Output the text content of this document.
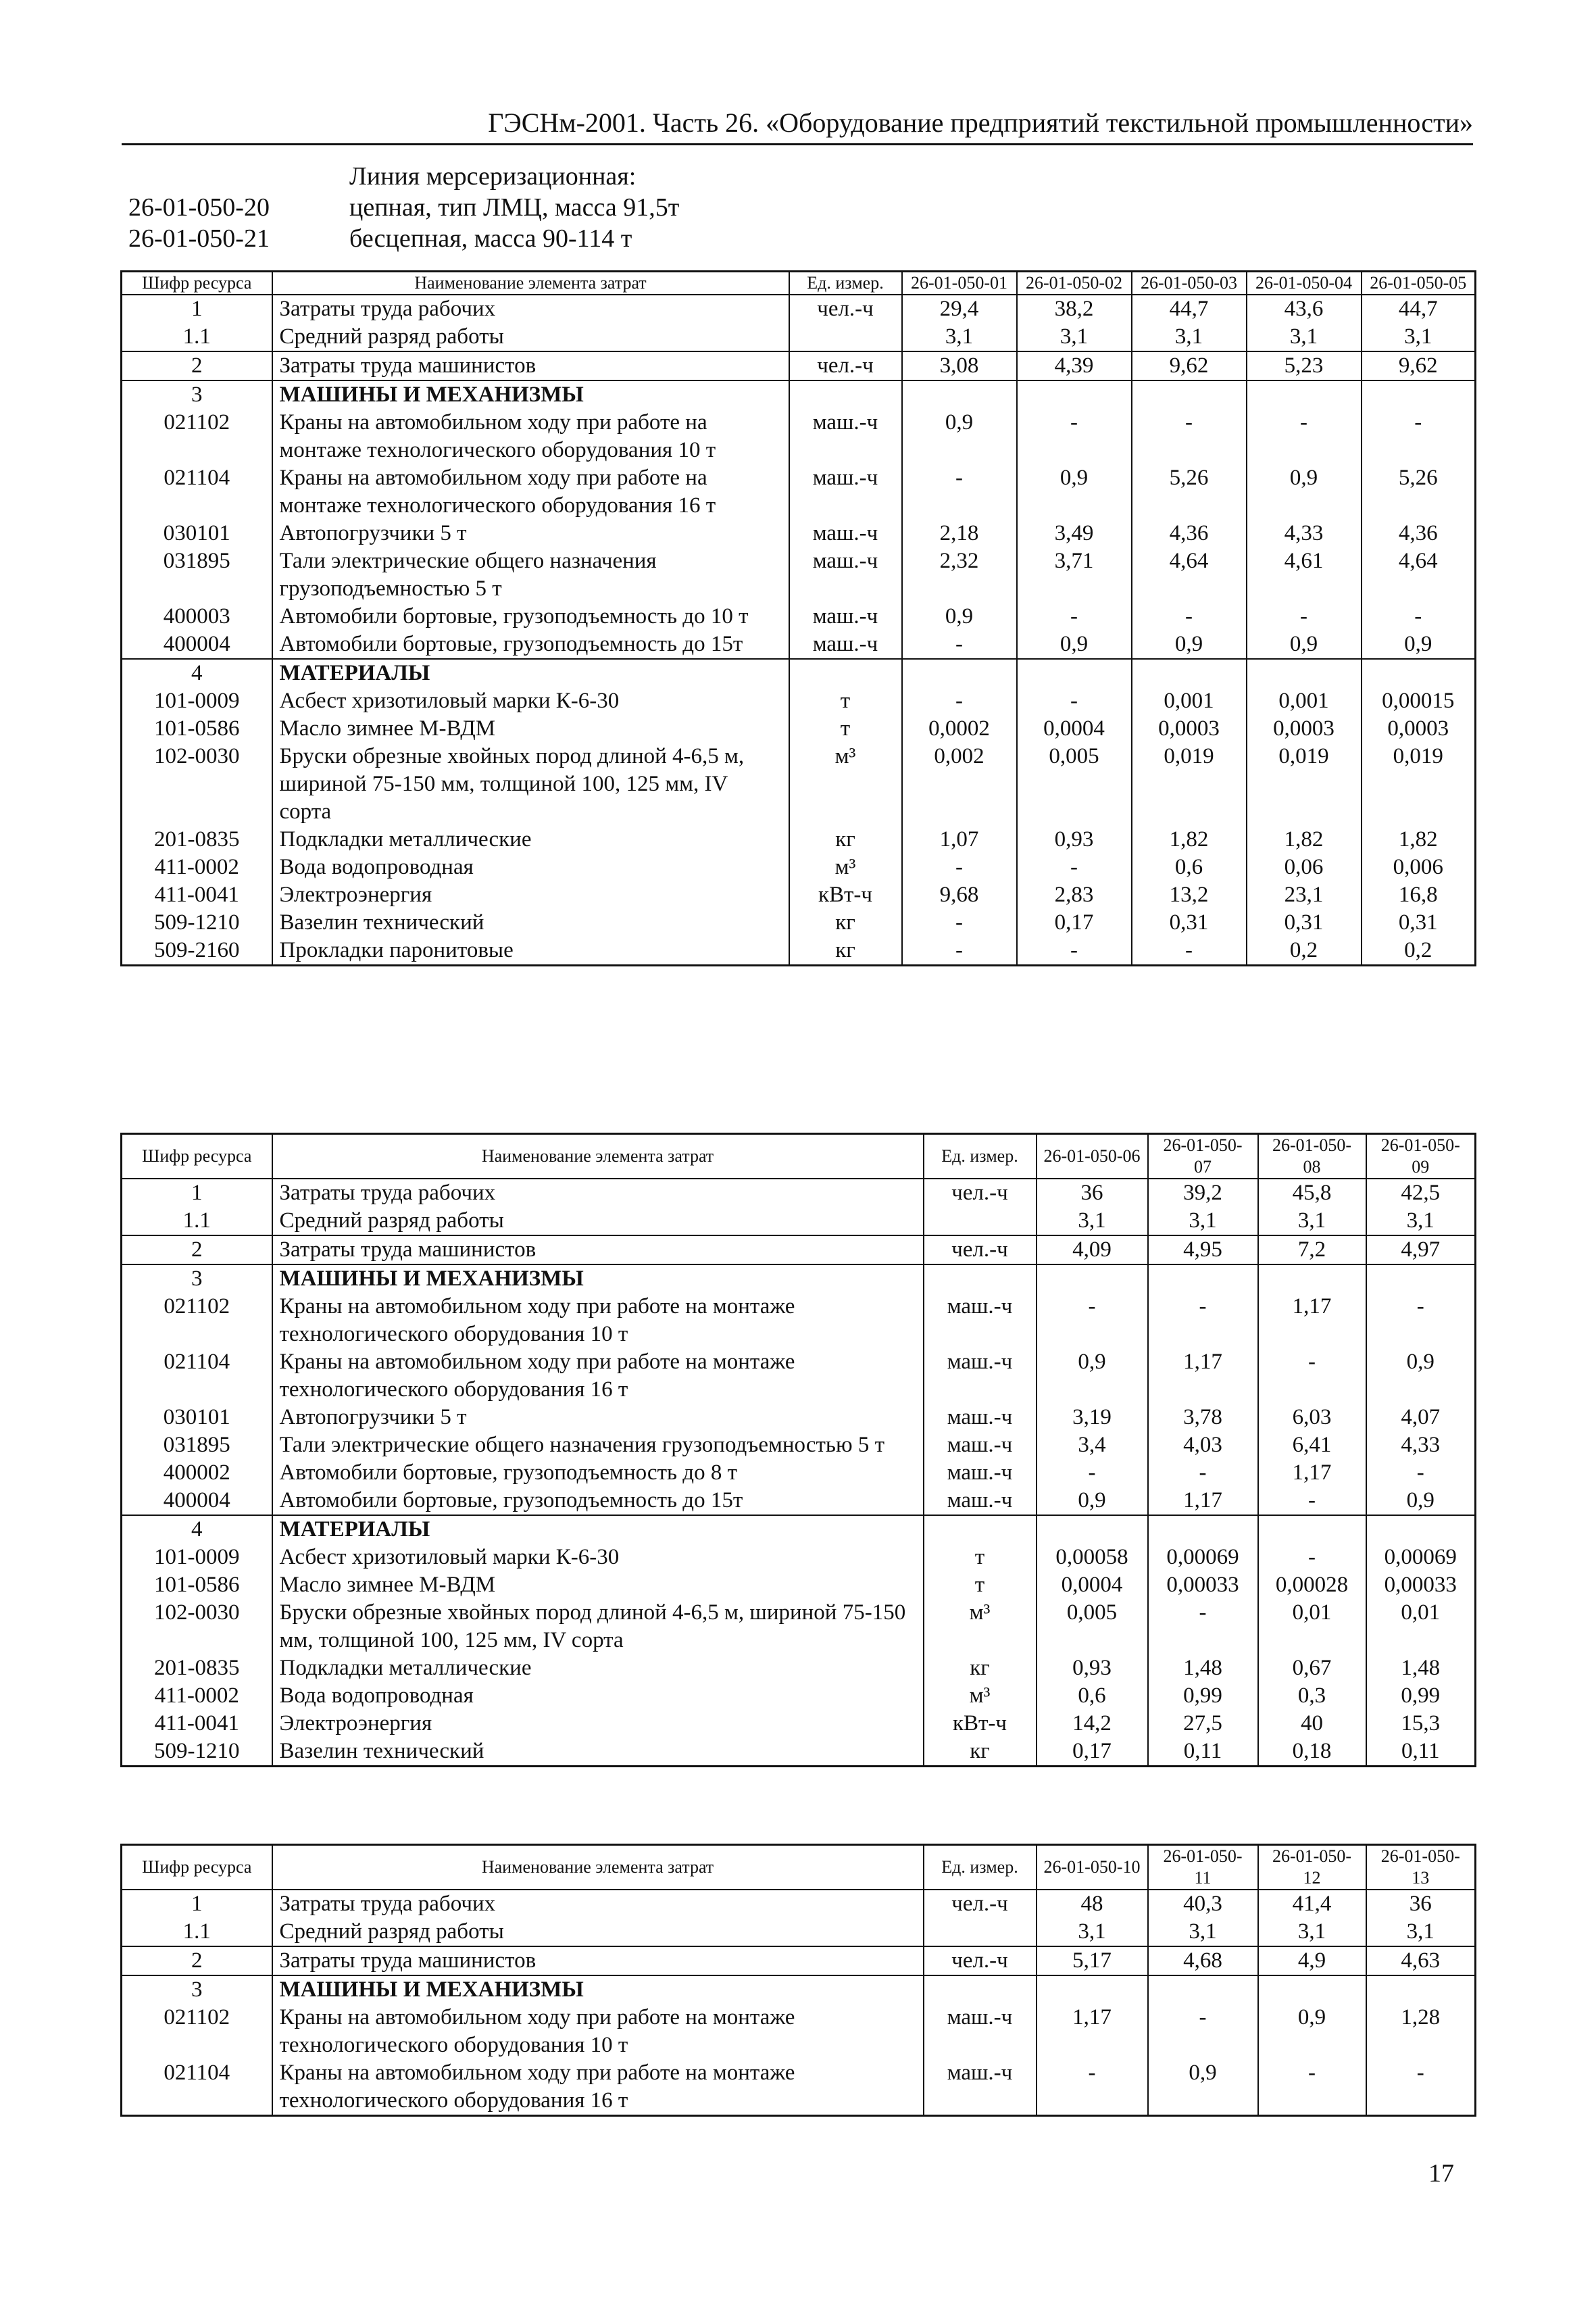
ГЭСНм-2001. Часть 26. «Оборудование предприятий текстильной промышленности»
Линия мерсеризационная:
26-01-050-20	цепная, тип ЛМЦ, масса 91,5т
26-01-050-21	бесцепная, масса 90-114 т
Шифр ресурса	Наименование элемента затрат	Ед. измер.	26-01-050-01	26-01-050-02	26-01-050-03	26-01-050-04	26-01-050-05
1	Затраты труда рабочих	чел.-ч	29,4	38,2	44,7	43,6	44,7
1.1	Средний разряд работы		3,1	3,1	3,1	3,1	3,1
2	Затраты труда машинистов	чел.-ч	3,08	4,39	9,62	5,23	9,62
3	МАШИНЫ И МЕХАНИЗМЫ						
021102	Краны на автомобильном ходу при работе на монтаже технологического оборудования 10 т	маш.-ч	0,9	-	-	-	-
021104	Краны на автомобильном ходу при работе на монтаже технологического оборудования 16 т	маш.-ч	-	0,9	5,26	0,9	5,26
030101	Автопогрузчики 5 т	маш.-ч	2,18	3,49	4,36	4,33	4,36
031895	Тали электрические общего назначения грузоподъемностью 5 т	маш.-ч	2,32	3,71	4,64	4,61	4,64
400003	Автомобили бортовые, грузоподъемность до 10 т	маш.-ч	0,9	-	-	-	-
400004	Автомобили бортовые, грузоподъемность до 15т	маш.-ч	-	0,9	0,9	0,9	0,9
4	МАТЕРИАЛЫ						
101-0009	Асбест хризотиловый марки К-6-30	т	-	-	0,001	0,001	0,00015
101-0586	Масло зимнее М-ВДМ	т	0,0002	0,0004	0,0003	0,0003	0,0003
102-0030	Бруски обрезные хвойных пород длиной 4-6,5 м, шириной 75-150 мм, толщиной 100, 125 мм, IV сорта	м³	0,002	0,005	0,019	0,019	0,019
201-0835	Подкладки металлические	кг	1,07	0,93	1,82	1,82	1,82
411-0002	Вода водопроводная	м³	-	-	0,6	0,06	0,006
411-0041	Электроэнергия	кВт-ч	9,68	2,83	13,2	23,1	16,8
509-1210	Вазелин технический	кг	-	0,17	0,31	0,31	0,31
509-2160	Прокладки паронитовые	кг	-	-	-	0,2	0,2
Шифр ресурса	Наименование элемента затрат	Ед. измер.	26-01-050-06	26-01-050-07	26-01-050-08	26-01-050-09
1	Затраты труда рабочих	чел.-ч	36	39,2	45,8	42,5
1.1	Средний разряд работы		3,1	3,1	3,1	3,1
2	Затраты труда машинистов	чел.-ч	4,09	4,95	7,2	4,97
3	МАШИНЫ И МЕХАНИЗМЫ					
021102	Краны на автомобильном ходу при работе на монтаже технологического оборудования 10 т	маш.-ч	-	-	1,17	-
021104	Краны на автомобильном ходу при работе на монтаже технологического оборудования 16 т	маш.-ч	0,9	1,17	-	0,9
030101	Автопогрузчики 5 т	маш.-ч	3,19	3,78	6,03	4,07
031895	Тали электрические общего назначения грузоподъемностью 5 т	маш.-ч	3,4	4,03	6,41	4,33
400002	Автомобили бортовые, грузоподъемность до 8 т	маш.-ч	-	-	1,17	-
400004	Автомобили бортовые, грузоподъемность до 15т	маш.-ч	0,9	1,17	-	0,9
4	МАТЕРИАЛЫ					
101-0009	Асбест хризотиловый марки К-6-30	т	0,00058	0,00069	-	0,00069
101-0586	Масло зимнее М-ВДМ	т	0,0004	0,00033	0,00028	0,00033
102-0030	Бруски обрезные хвойных пород длиной 4-6,5 м, шириной 75-150 мм, толщиной 100, 125 мм, IV сорта	м³	0,005	-	0,01	0,01
201-0835	Подкладки металлические	кг	0,93	1,48	0,67	1,48
411-0002	Вода водопроводная	м³	0,6	0,99	0,3	0,99
411-0041	Электроэнергия	кВт-ч	14,2	27,5	40	15,3
509-1210	Вазелин технический	кг	0,17	0,11	0,18	0,11
Шифр ресурса	Наименование элемента затрат	Ед. измер.	26-01-050-10	26-01-050-11	26-01-050-12	26-01-050-13
1	Затраты труда рабочих	чел.-ч	48	40,3	41,4	36
1.1	Средний разряд работы		3,1	3,1	3,1	3,1
2	Затраты труда машинистов	чел.-ч	5,17	4,68	4,9	4,63
3	МАШИНЫ И МЕХАНИЗМЫ					
021102	Краны на автомобильном ходу при работе на монтаже технологического оборудования 10 т	маш.-ч	1,17	-	0,9	1,28
021104	Краны на автомобильном ходу при работе на монтаже технологического оборудования 16 т	маш.-ч	-	0,9	-	-
17
